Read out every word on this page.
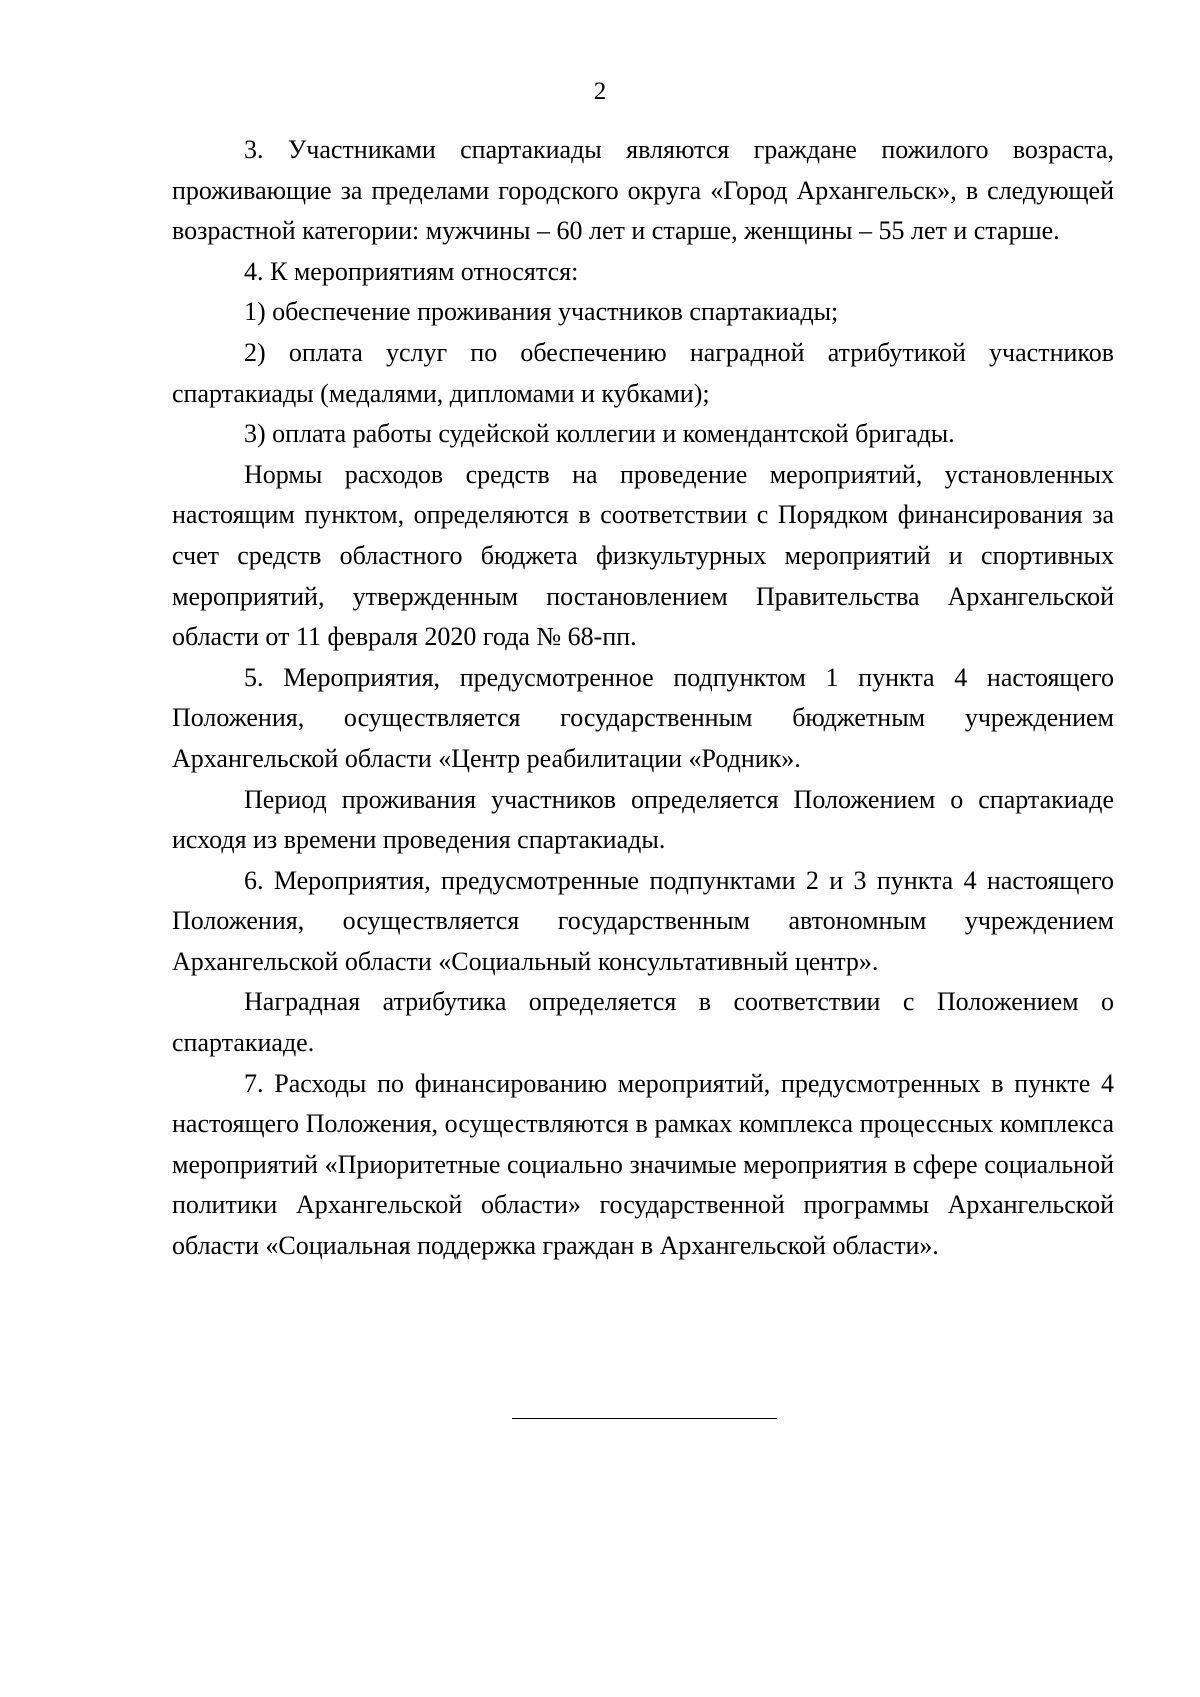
2

3. Участниками спартакиады являются граждане пожилого возраста, проживающие за пределами городского округа «Город Архангельск», в следующей возрастной категории: мужчины – 60 лет и старше, женщины – 55 лет и старше.

4. К мероприятиям относятся:

1) обеспечение проживания участников спартакиады;

2) оплата услуг по обеспечению наградной атрибутикой участников спартакиады (медалями, дипломами и кубками);

3) оплата работы судейской коллегии и комендантской бригады.

Нормы расходов средств на проведение мероприятий, установленных настоящим пунктом, определяются в соответствии с Порядком финансирования за счет средств областного бюджета физкультурных мероприятий и спортивных мероприятий, утвержденным постановлением Правительства Архангельской области от 11 февраля 2020 года № 68-пп.

5. Мероприятия, предусмотренное подпунктом 1 пункта 4 настоящего Положения, осуществляется государственным бюджетным учреждением Архангельской области «Центр реабилитации «Родник».

Период проживания участников определяется Положением о спартакиаде исходя из времени проведения спартакиады.

6. Мероприятия, предусмотренные подпунктами 2 и 3 пункта 4 настоящего Положения, осуществляется государственным автономным учреждением Архангельской области «Социальный консультативный центр».

Наградная атрибутика определяется в соответствии с Положением о спартакиаде.

7. Расходы по финансированию мероприятий, предусмотренных в пункте 4 настоящего Положения, осуществляются в рамках комплекса процессных комплекса мероприятий «Приоритетные социально значимые мероприятия в сфере социальной политики Архангельской области» государственной программы Архангельской области «Социальная поддержка граждан в Архангельской области».
